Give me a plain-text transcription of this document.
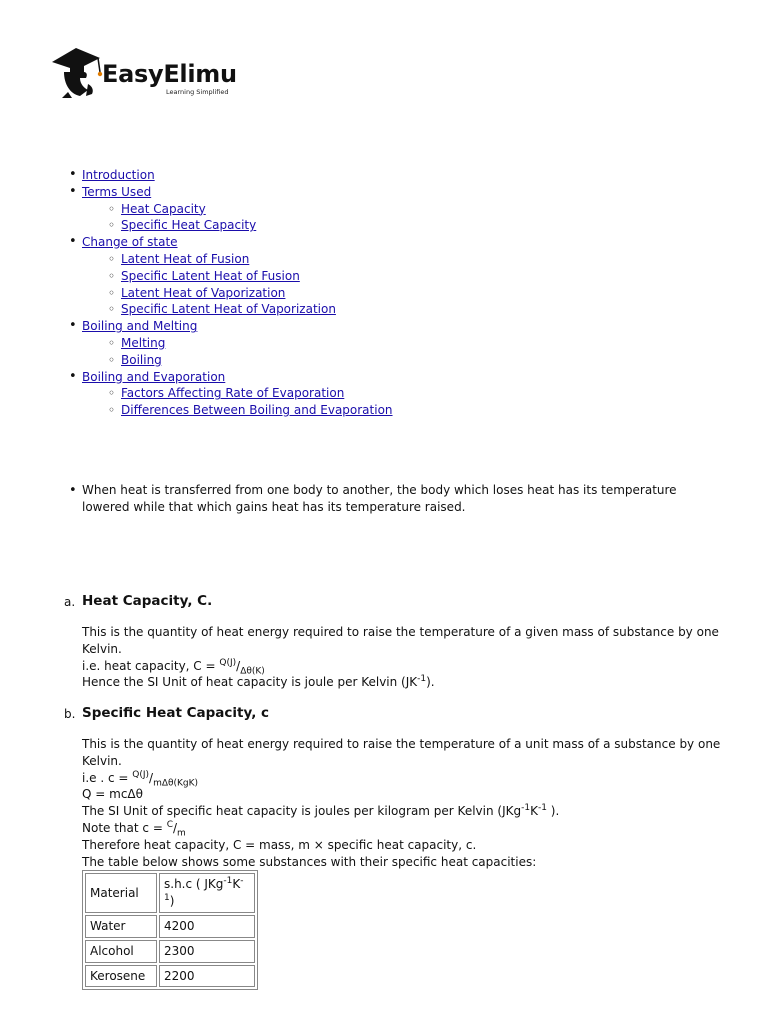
EasyElimu
Learning Simplified
• Introduction
• Terms Used
◦ Heat Capacity
◦ Specific Heat Capacity
• Change of state
◦ Latent Heat of Fusion
◦ Specific Latent Heat of Fusion
◦ Latent Heat of Vaporization
◦ Specific Latent Heat of Vaporization
• Boiling and Melting
◦ Melting
◦ Boiling
• Boiling and Evaporation
◦ Factors Affecting Rate of Evaporation
◦ Differences Between Boiling and Evaporation
• When heat is transferred from one body to another, the body which loses heat has its temperature lowered while that which gains heat has its temperature raised.
a. Heat Capacity, C.
This is the quantity of heat energy required to raise the temperature of a given mass of substance by one Kelvin.
i.e. heat capacity, $C = ^{Q(J)}/_{\Delta\theta(K)}$
Hence the SI Unit of heat capacity is joule per Kelvin $(JK^{-1})$.
b. Specific Heat Capacity, c
This is the quantity of heat energy required to raise the temperature of a unit mass of a substance by one Kelvin.
i.e . $c = ^{Q(J)}/_{m\Delta\theta(KgK)}$
Q = mcΔθ
The SI Unit of specific heat capacity is joules per kilogram per Kelvin ($JKg^{-1}K^{-1}$ ).
Note that $c = ^C/_m$
Therefore heat capacity, C = mass, m × specific heat capacity, c.
The table below shows some substances with their specific heat capacities:
Material	s.h.c ( $JKg^{-1}K^{-1}$)
Water	4200
Alcohol	2300
Kerosene	2200
